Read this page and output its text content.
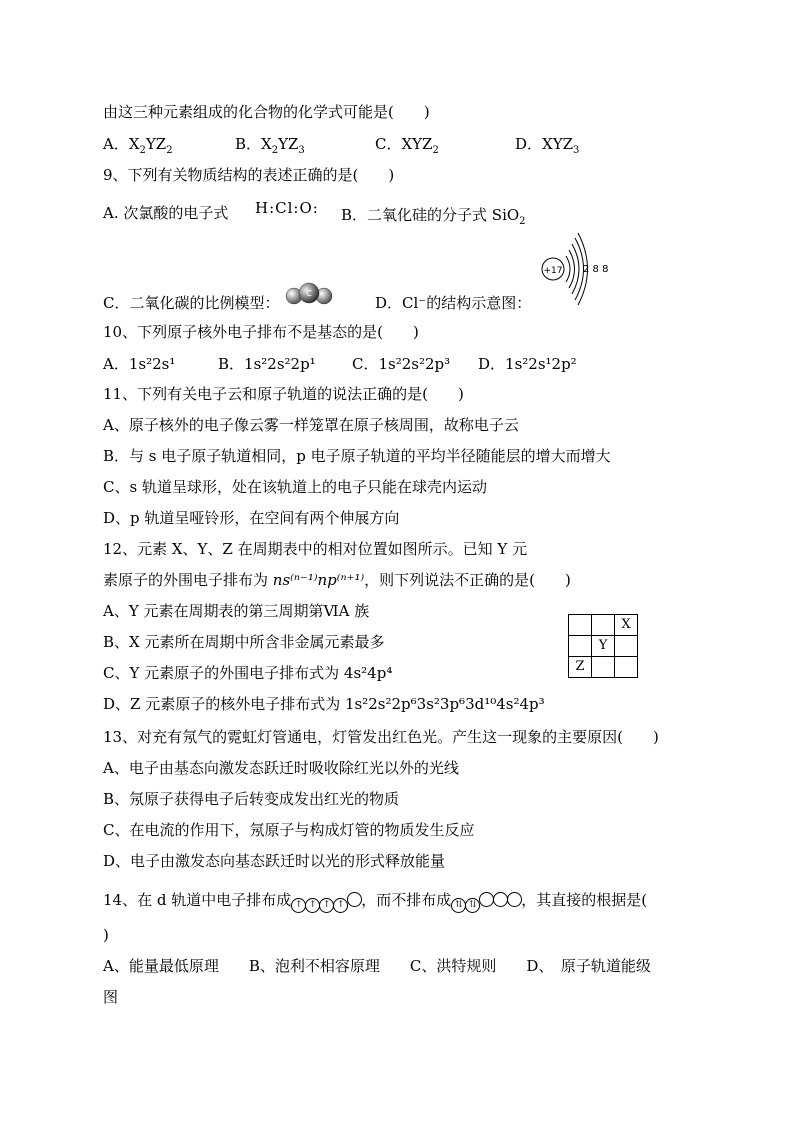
由这三种元素组成的化合物的化学式可能是(　　)
A．$X_2YZ_2$	B．$X_2YZ_3$	C．$XYZ_2$	D．$XYZ_3$
9、下列有关物质结构的表述正确的是(　　)
A. 次氯酸的电子式 H:Cl:O: B．二氧化硅的分子式 SiO$_2$
+17 2 8 8
C．二氧化碳的比例模型：
C
D．Cl⁻的结构示意图：
10、下列原子核外电子排布不是基态的是(　　)
A．1s²2s¹	B．1s²2s²2p¹ C．1s²2s²2p³ D．1s²2s¹2p²
11、下列有关电子云和原子轨道的说法正确的是(　　)
A、原子核外的电子像云雾一样笼罩在原子核周围，故称电子云
B．与 s 电子原子轨道相同，p 电子原子轨道的平均半径随能层的增大而增大
C、s 轨道呈球形，处在该轨道上的电子只能在球壳内运动
D、p 轨道呈哑铃形，在空间有两个伸展方向
12、元素 X、Y、Z 在周期表中的相对位置如图所示。已知 Y 元
素原子的外围电子排布为 ns⁽ⁿ⁻¹⁾np⁽ⁿ⁺¹⁾，则下列说法不正确的是(　　)
A、Y 元素在周期表的第三周期第ⅥA 族
B、X 元素所在周期中所含非金属元素最多
C、Y 元素原子的外围电子排布式为 4s²4p⁴
D、Z 元素原子的核外电子排布式为 1s²2s²2p⁶3s²3p⁶3d¹⁰4s²4p³
		X
	Y	
Z		
13、对充有氖气的霓虹灯管通电，灯管发出红色光。产生这一现象的主要原因(　　)
A、电子由基态向激发态跃迁时吸收除红光以外的光线
B、氖原子获得电子后转变成发出红光的物质
C、在电流的作用下，氖原子与构成灯管的物质发生反应
D、电子由激发态向基态跃迁时以光的形式释放能量
14、在 d 轨道中电子排布成 ↑ ↑ ↑ ↑ ，而不排布成 ⇅ ⇅	，其直接的根据是(
)
A、能量最低原理　　B、泡利不相容原理　　C、洪特规则　　D、　原子轨道能级
图
